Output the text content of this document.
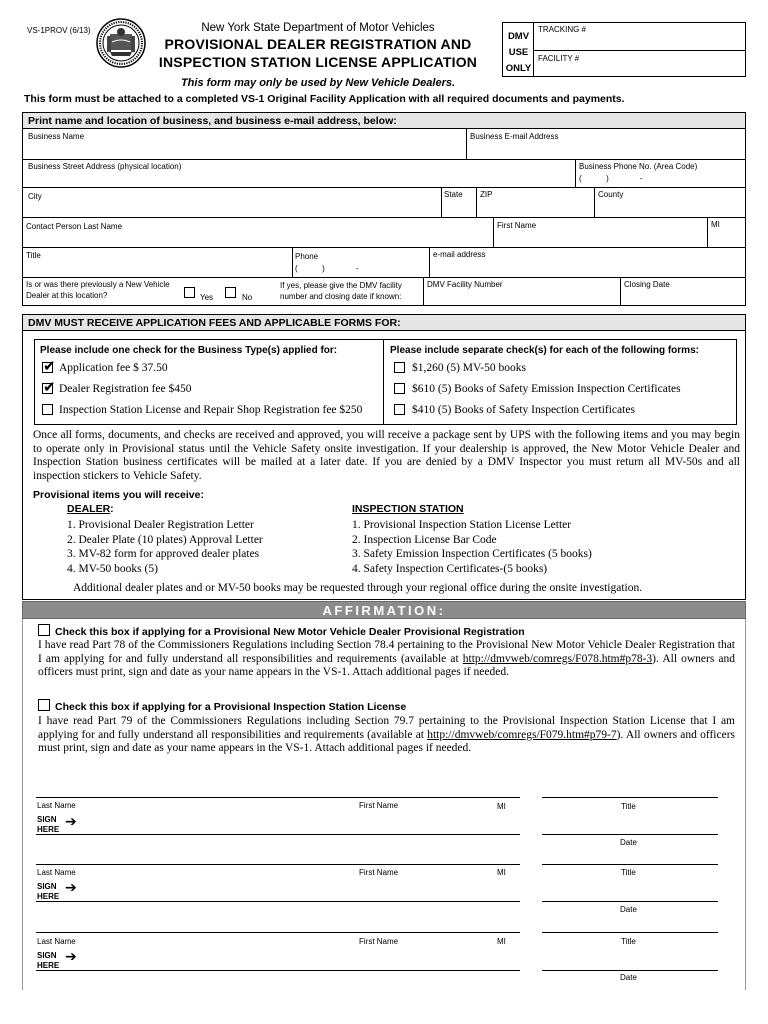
VS-1PROV (6/13)	New York State Department of Motor Vehicles
PROVISIONAL DEALER REGISTRATION AND
INSPECTION STATION LICENSE APPLICATION
DMV
USE
ONLY
TRACKING #
FACILITY #
This form may only be used by New Vehicle Dealers.
This form must be attached to a completed VS-1 Original Facility Application with all required documents and payments.
Print name and location of business, and business e-mail address, below:
Business Name	Business E-mail Address
Business Street Address (physical location)	Business Phone No. (Area Code)
(           )              -
City	State ZIP	County
Contact Person Last Name	First Name	MI
Title	Phone
(           )              -
e-mail address
Is or was there previously a New Vehicle Dealer at this location?	Yes	No
If yes, please give the DMV facility number and closing date if known:
DMV Facility Number	Closing Date
DMV MUST RECEIVE APPLICATION FEES AND APPLICABLE FORMS FOR:
Please include one check for the Business Type(s) applied for:	Please include separate check(s) for each of the following forms:
✔
Application fee $ 37.50
✔
Dealer Registration fee $450
Inspection Station License and Repair Shop Registration fee $250
$1,260 (5) MV-50 books
$610 (5) Books of Safety Emission Inspection Certificates
$410 (5) Books of Safety Inspection Certificates
Once all forms, documents, and checks are received and approved, you will receive a package sent by UPS with the following items and you may begin to operate only in Provisional status until the Vehicle Safety onsite investigation. If your dealership is approved, the New Motor Vehicle Dealer and Inspection Station business certificates will be mailed at a later date. If you are denied by a DMV Inspector you must return all MV-50s and all inspection stickers to Vehicle Safety.
Provisional items you will receive:
DEALER:
1. Provisional Dealer Registration Letter
2. Dealer Plate (10 plates) Approval Letter
3. MV-82 form for approved dealer plates
4. MV-50 books (5)
INSPECTION STATION
1. Provisional Inspection Station License Letter
2. Inspection License Bar Code
3. Safety Emission Inspection Certificates (5 books)
4. Safety Inspection Certificates-(5 books)
Additional dealer plates and or MV-50 books may be requested through your regional office during the onsite investigation.
AFFIRMATION:
Check this box if applying for a Provisional New Motor Vehicle Dealer Provisional Registration
I have read Part 78 of the Commissioners Regulations including Section 78.4 pertaining to the Provisional New Motor Vehicle Dealer Registration that I am applying for and fully understand all responsibilities and requirements (available at http://dmvweb/comregs/F078.htm#p78-3). All owners and officers must print, sign and date as your name appears in the VS-1. Attach additional pages if needed.
Check this box if applying for a Provisional Inspection Station License
I have read Part 79 of the Commissioners Regulations including Section 79.7 pertaining to the Provisional Inspection Station License that I am applying for and fully understand all responsibilities and requirements (available at http://dmvweb/comregs/F079.htm#p79-7). All owners and officers must print, sign and date as your name appears in the VS-1. Attach additional pages if needed.
Last Name	First Name	MI	Title
SIGN
HERE ➔
Date
Last Name	First Name	MI	Title
SIGN
HERE
➔
Date
Last Name	First Name	MI	Title
SIGN
HERE
➔
Date
